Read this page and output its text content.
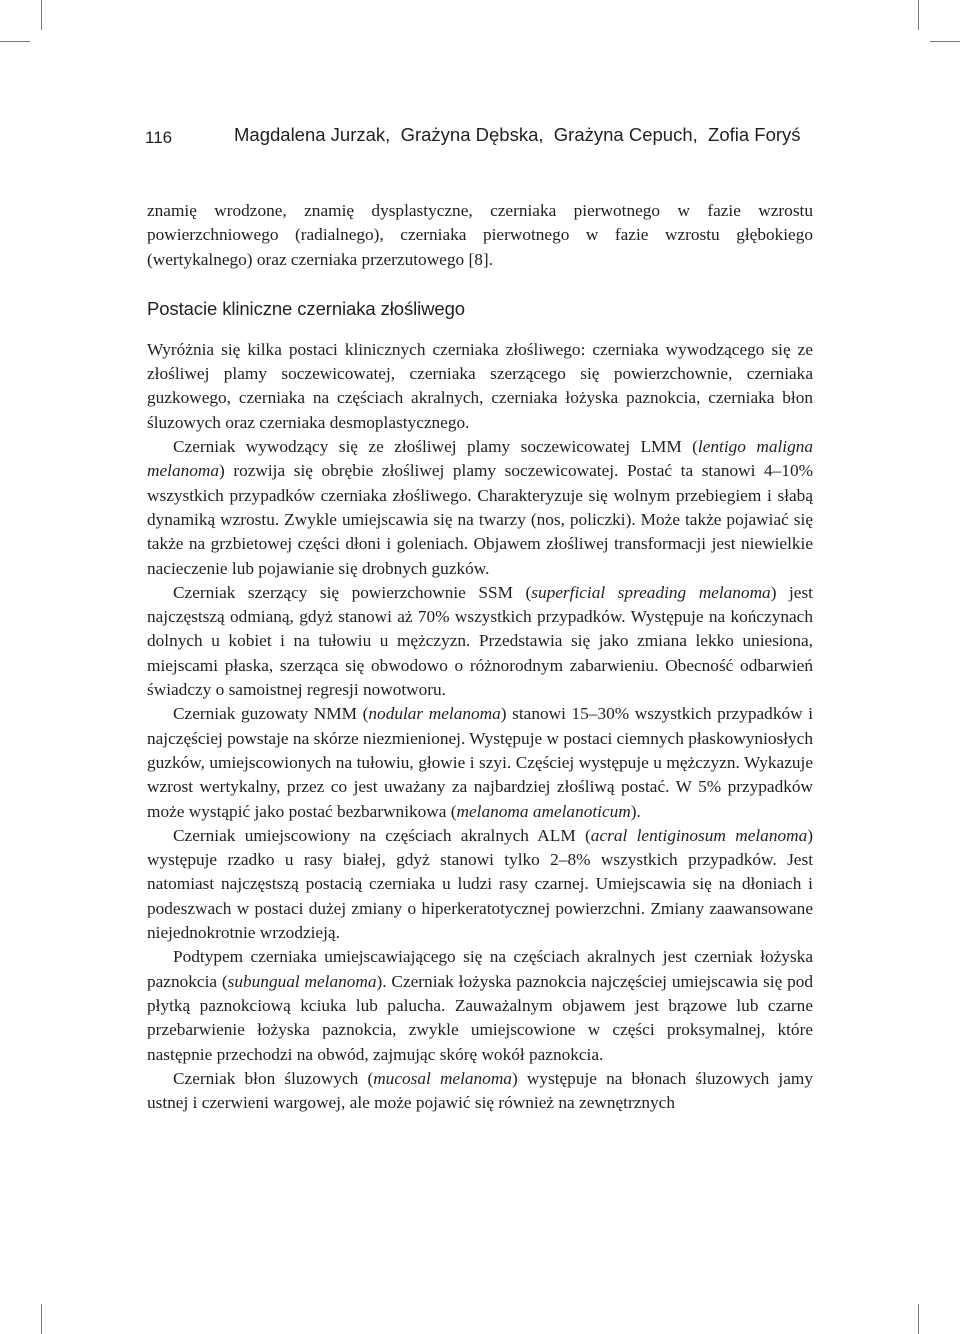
116	Magdalena Jurzak,  Grażyna Dębska,  Grażyna Cepuch,  Zofia Foryś

znamię wrodzone, znamię dysplastyczne, czerniaka pierwotnego w fazie wzrostu powierzchniowego (radialnego), czerniaka pierwotnego w fazie wzrostu głębokiego (wertykalnego) oraz czerniaka przerzutowego [8].

Postacie kliniczne czerniaka złośliwego

Wyróżnia się kilka postaci klinicznych czerniaka złośliwego: czerniaka wywodzącego się ze złośliwej plamy soczewicowatej, czerniaka szerzącego się powierzchownie, czerniaka guzkowego, czerniaka na częściach akralnych, czerniaka łożyska paznokcia, czerniaka błon śluzowych oraz czerniaka desmoplastycznego.

Czerniak wywodzący się ze złośliwej plamy soczewicowatej LMM (lentigo maligna melanoma) rozwija się obrębie złośliwej plamy soczewicowatej. Postać ta stanowi 4–10% wszystkich przypadków czerniaka złośliwego. Charakteryzuje się wolnym przebiegiem i słabą dynamiką wzrostu. Zwykle umiejscawia się na twarzy (nos, policzki). Może także pojawiać się także na grzbietowej części dłoni i goleniach. Objawem złośliwej transformacji jest niewielkie nacieczenie lub pojawianie się drobnych guzków.

Czerniak szerzący się powierzchownie SSM (superficial spreading melanoma) jest najczęstszą odmianą, gdyż stanowi aż 70% wszystkich przypadków. Występuje na kończynach dolnych u kobiet i na tułowiu u mężczyzn. Przedstawia się jako zmiana lekko uniesiona, miejscami płaska, szerząca się obwodowo o różnorodnym zabarwieniu. Obecność odbarwień świadczy o samoistnej regresji nowotworu.

Czerniak guzowaty NMM (nodular melanoma) stanowi 15–30% wszystkich przypadków i najczęściej powstaje na skórze niezmienionej. Występuje w postaci ciemnych płaskowyniosłych guzków, umiejscowionych na tułowiu, głowie i szyi. Częściej występuje u mężczyzn. Wykazuje wzrost wertykalny, przez co jest uważany za najbardziej złośliwą postać. W 5% przypadków może wystąpić jako postać bezbarwnikowa (melanoma amelanoticum).

Czerniak umiejscowiony na częściach akralnych ALM (acral lentiginosum melanoma) występuje rzadko u rasy białej, gdyż stanowi tylko 2–8% wszystkich przypadków. Jest natomiast najczęstszą postacią czerniaka u ludzi rasy czarnej. Umiejscawia się na dłoniach i podeszwach w postaci dużej zmiany o hiperkeratotycznej powierzchni. Zmiany zaawansowane niejednokrotnie wrzodzieją.

Podtypem czerniaka umiejscawiającego się na częściach akralnych jest czerniak łożyska paznokcia (subungual melanoma). Czerniak łożyska paznokcia najczęściej umiejscawia się pod płytką paznokciową kciuka lub palucha. Zauważalnym objawem jest brązowe lub czarne przebarwienie łożyska paznokcia, zwykle umiejscowione w części proksymalnej, które następnie przechodzi na obwód, zajmując skórę wokół paznokcia.

Czerniak błon śluzowych (mucosal melanoma) występuje na błonach śluzowych jamy ustnej i czerwieni wargowej, ale może pojawić się również na zewnętrznych
